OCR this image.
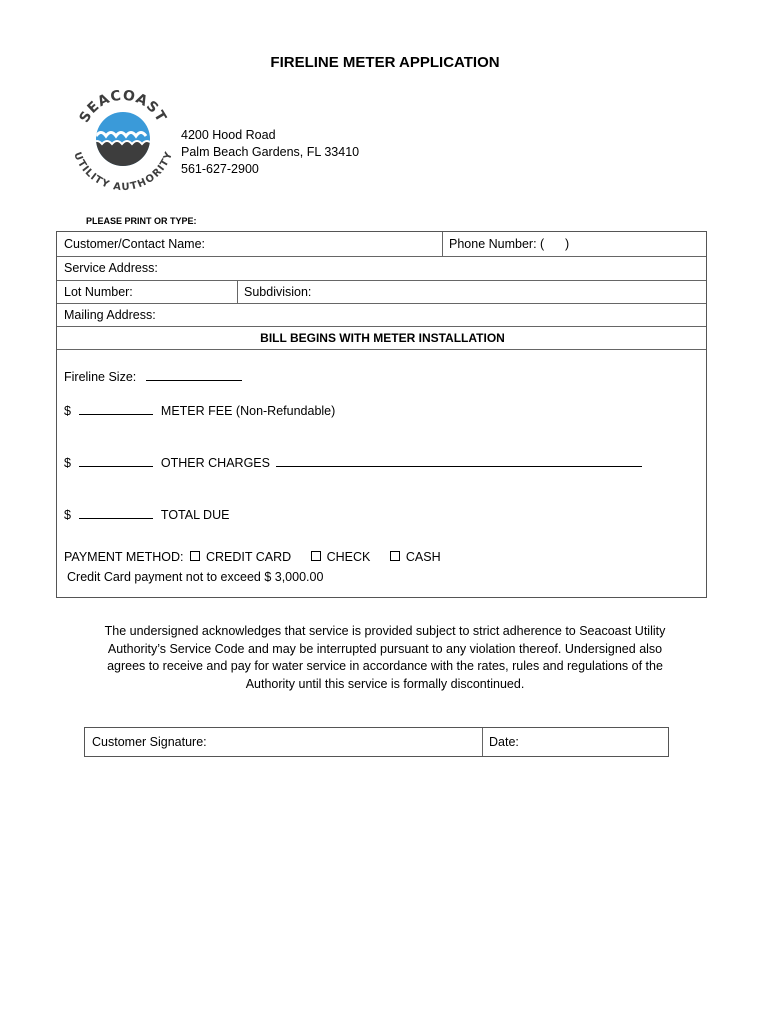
FIRELINE METER APPLICATION
SEACOAST
UTILITY AUTHORITY
4200 Hood Road
Palm Beach Gardens, FL 33410
561-627-2900
PLEASE PRINT OR TYPE:
Customer/Contact Name:	Phone Number: (      )
Service Address:
Lot Number:	Subdivision:
Mailing Address:
BILL BEGINS WITH METER INSTALLATION
Fireline Size:
$	METER FEE (Non-Refundable)
$	OTHER CHARGES
$	TOTAL DUE
PAYMENT METHOD: CREDIT CARD	CHECK	CASH
Credit Card payment not to exceed $ 3,000.00
The undersigned acknowledges that service is provided subject to strict adherence to Seacoast Utility Authority’s Service Code and may be interrupted pursuant to any violation thereof. Undersigned also agrees to receive and pay for water service in accordance with the rates, rules and regulations of the Authority until this service is formally discontinued.
Customer Signature:	Date:
